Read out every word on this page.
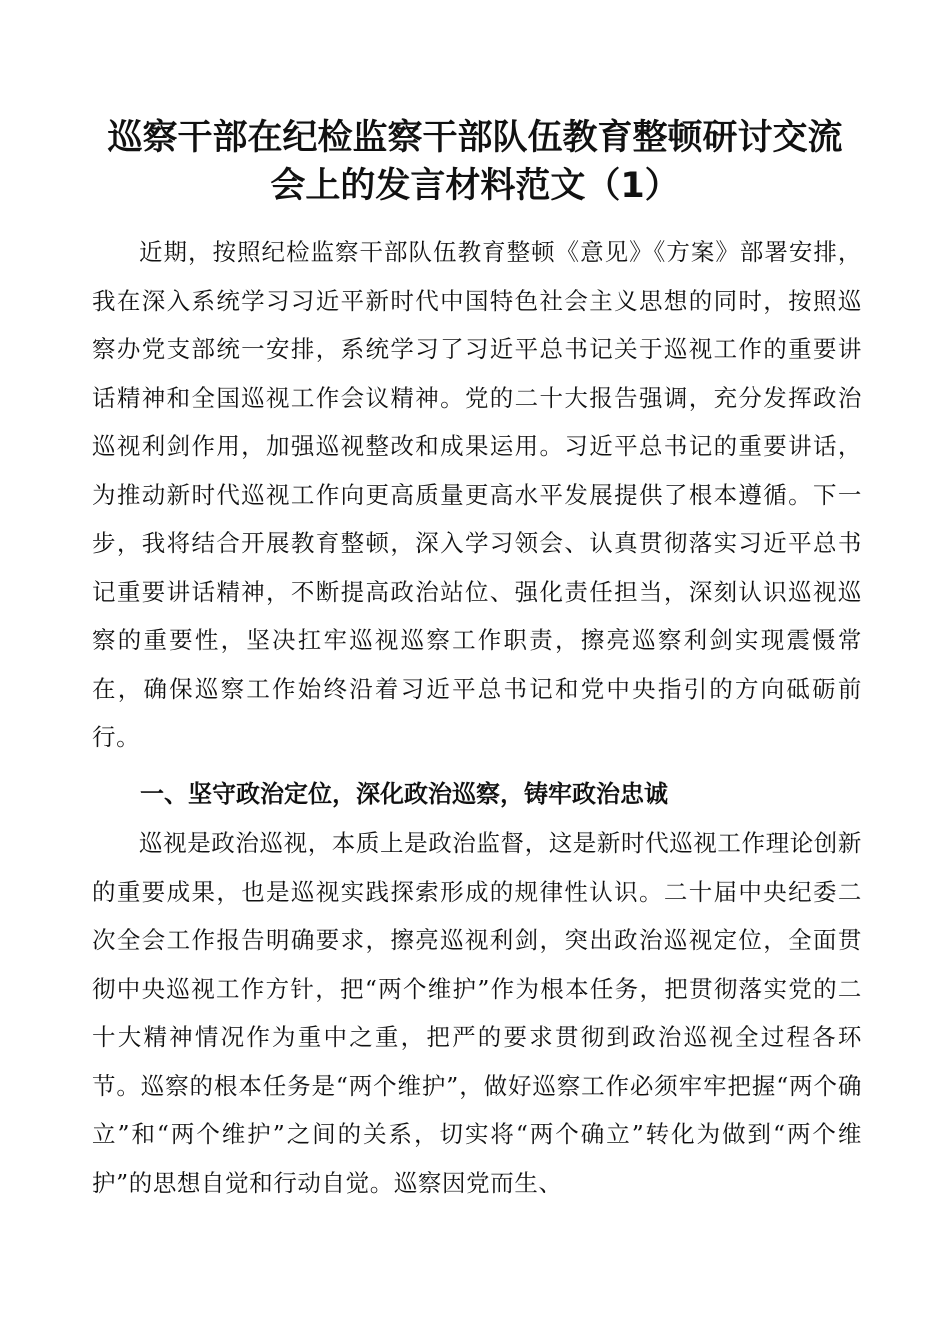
巡察干部在纪检监察干部队伍教育整顿研讨交流
会上的发言材料范文（1）

近期，按照纪检监察干部队伍教育整顿《意见》《方案》部署安排，我在深入系统学习习近平新时代中国特色社会主义思想的同时，按照巡察办党支部统一安排，系统学习了习近平总书记关于巡视工作的重要讲话精神和全国巡视工作会议精神。党的二十大报告强调，充分发挥政治巡视利剑作用，加强巡视整改和成果运用。习近平总书记的重要讲话，为推动新时代巡视工作向更高质量更高水平发展提供了根本遵循。下一步，我将结合开展教育整顿，深入学习领会、认真贯彻落实习近平总书记重要讲话精神，不断提高政治站位、强化责任担当，深刻认识巡视巡察的重要性，坚决扛牢巡视巡察工作职责，擦亮巡察利剑实现震慑常在，确保巡察工作始终沿着习近平总书记和党中央指引的方向砥砺前行。

一、坚守政治定位，深化政治巡察，铸牢政治忠诚

巡视是政治巡视，本质上是政治监督，这是新时代巡视工作理论创新的重要成果，也是巡视实践探索形成的规律性认识。二十届中央纪委二次全会工作报告明确要求，擦亮巡视利剑，突出政治巡视定位，全面贯彻中央巡视工作方针，把“两个维护”作为根本任务，把贯彻落实党的二十大精神情况作为重中之重，把严的要求贯彻到政治巡视全过程各环节。巡察的根本任务是“两个维护”，做好巡察工作必须牢牢把握“两个确立”和“两个维护”之间的关系，切实将“两个确立”转化为做到“两个维护”的思想自觉和行动自觉。巡察因党而生、
